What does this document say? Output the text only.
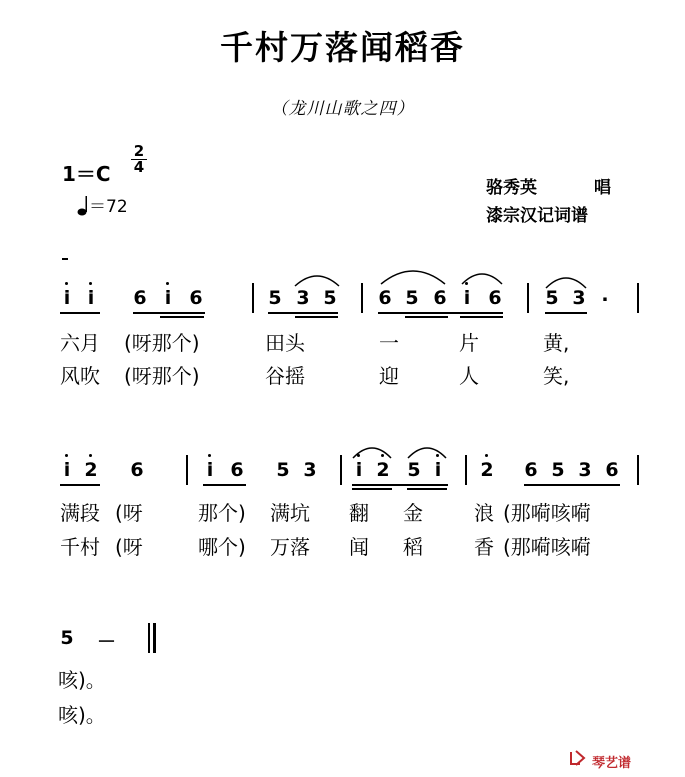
千村万落闻稻香
（龙川山歌之四）
1＝C
2
4
＝72
骆秀英	唱
漆宗汉记词谱
i i 6 i 6	5 3 5 6 5 6 i 6 5 3 .
六月 (呀那个)	田头	一	片	黄,
风吹 (呀那个)	谷摇	迎	人	笑,
i 2 6	i 6 5 3 i 2 5 i 2 6 5 3 6
满段 (呀	那个) 满坑 翻 金	浪 (那嗬咳嗬
千村 (呀	哪个) 万落 闻 稻	香 (那嗬咳嗬
5 －
咳)。
咳)。
琴艺谱
